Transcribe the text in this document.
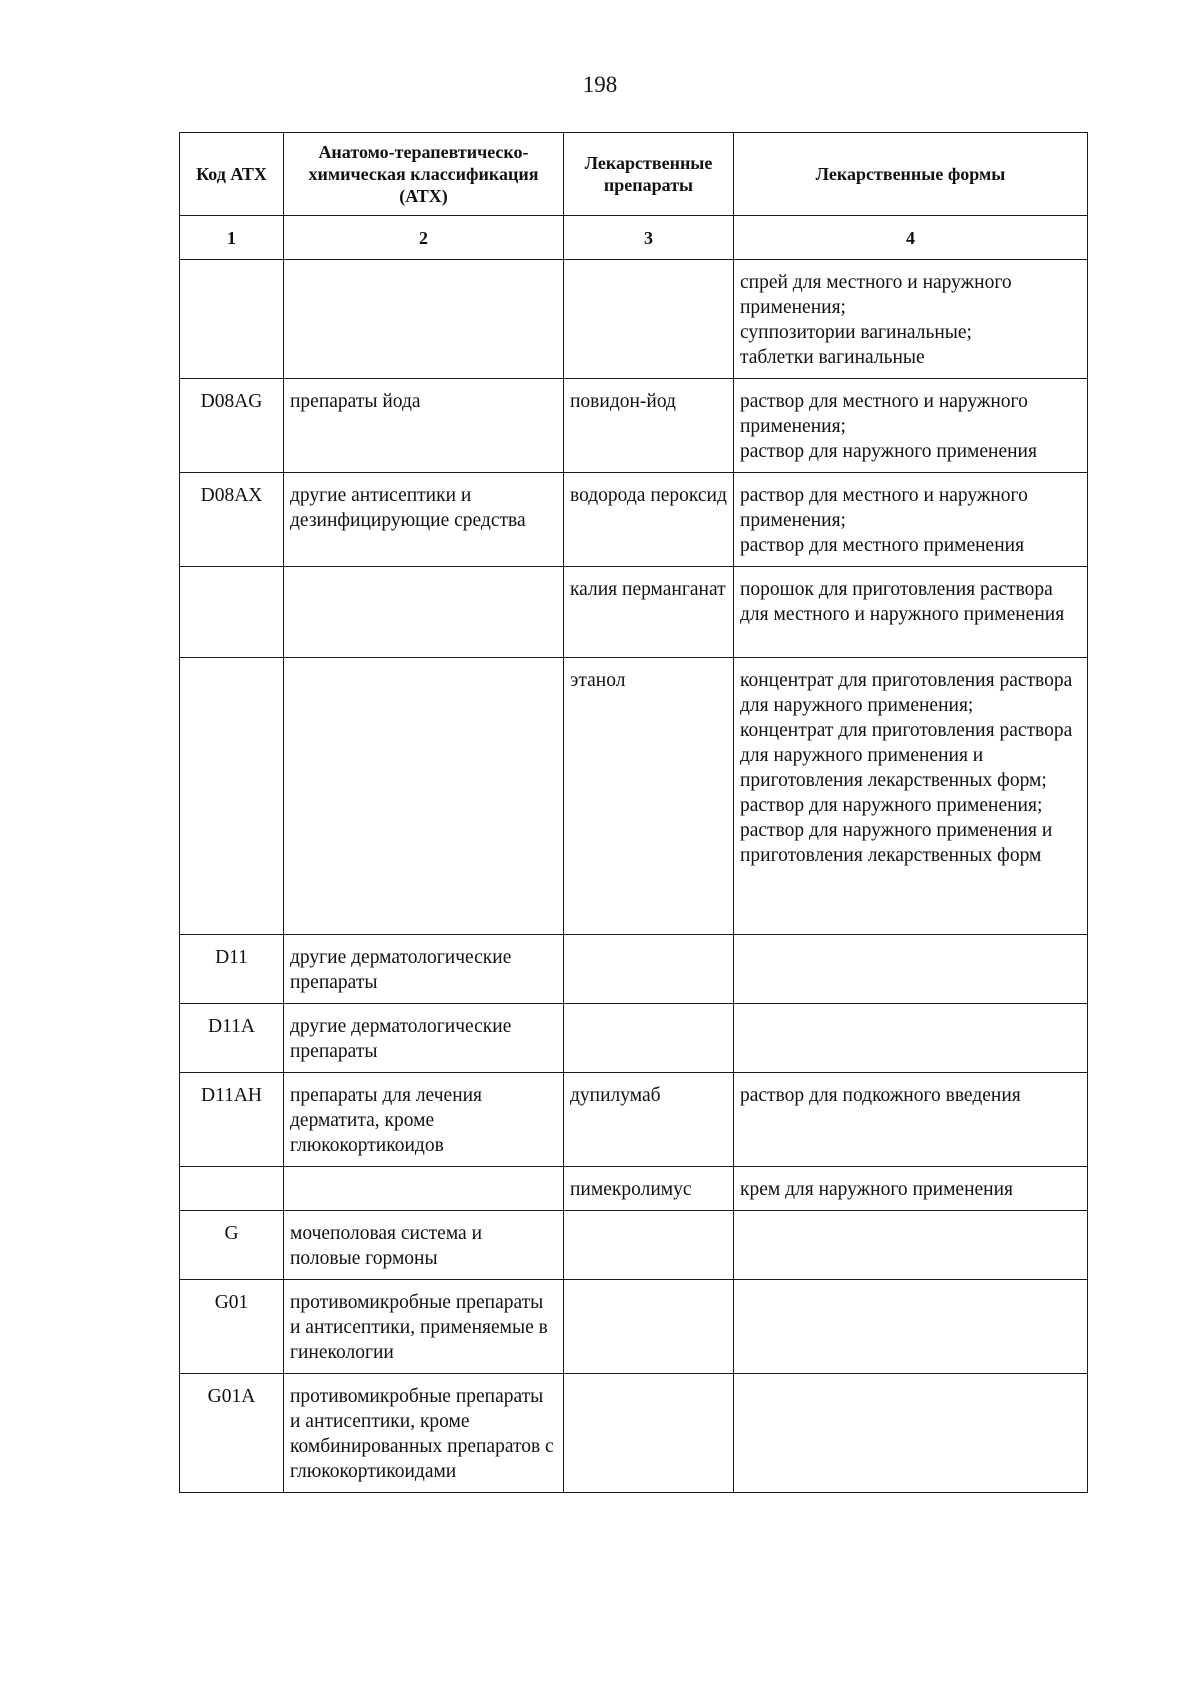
198
Код АТХ	Анатомо-терапевтическо-химическая классификация (АТХ)	Лекарственные препараты	Лекарственные формы
1	2	3	4

			спрей для местного и наружного применения;
суппозитории вагинальные;
таблетки вагинальные

D08AG	препараты йода	повидон-йод	раствор для местного и наружного применения;
раствор для наружного применения

D08AX	другие антисептики и дезинфицирующие средства	водорода пероксид	раствор для местного и наружного применения;
раствор для местного применения

		калия перманганат	порошок для приготовления раствора для местного и наружного применения

		этанол	концентрат для приготовления раствора для наружного применения;
концентрат для приготовления раствора для наружного применения и приготовления лекарственных форм;
раствор для наружного применения;
раствор для наружного применения и приготовления лекарственных форм

D11	другие дерматологические препараты		
D11A	другие дерматологические препараты		
D11AH	препараты для лечения дерматита, кроме глюкокортикоидов	дупилумаб	раствор для подкожного введения

		пимекролимус	крем для наружного применения

G	мочеполовая система и половые гормоны		
G01	противомикробные препараты и антисептики, применяемые в гинекологии		
G01A	противомикробные препараты и антисептики, кроме комбинированных препаратов с глюкокортикоидами		
